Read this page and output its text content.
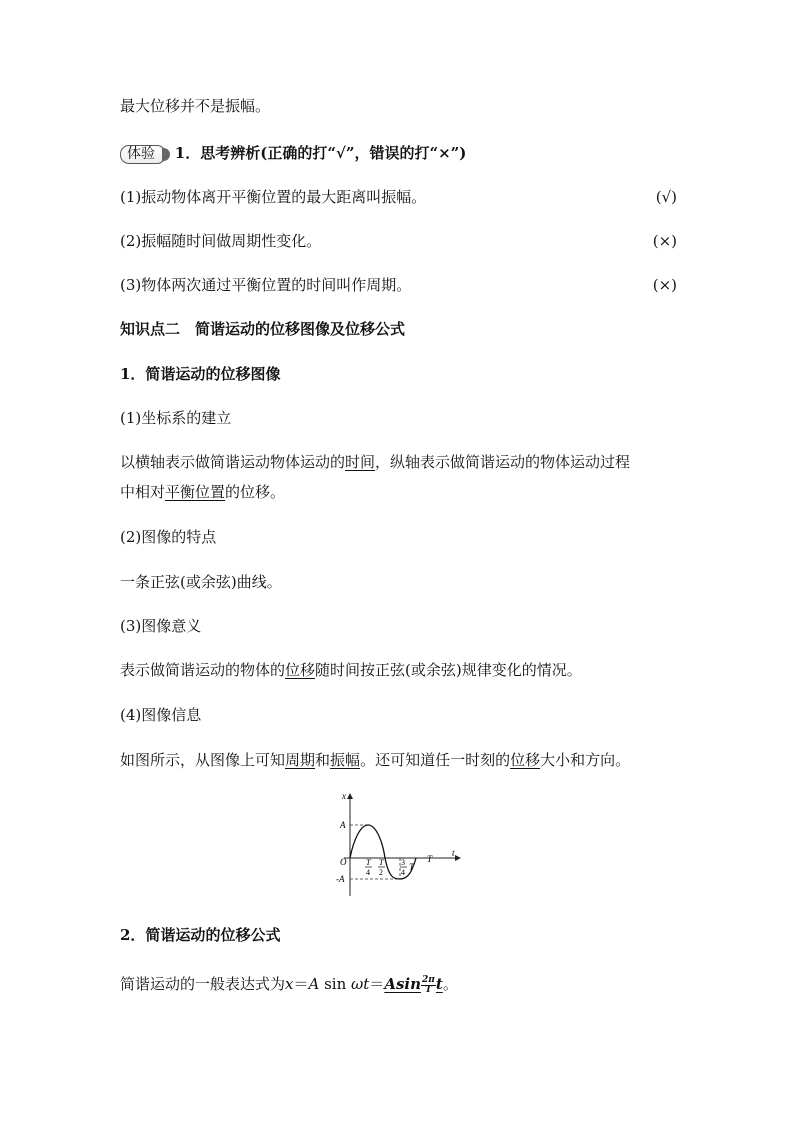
最大位移并不是振幅。
体验 1．思考辨析(正确的打“√”，错误的打“×”)
(1)振动物体离开平衡位置的最大距离叫振幅。	(√)
(2)振幅随时间做周期性变化。	(×)
(3)物体两次通过平衡位置的时间叫作周期。	(×)
知识点二　简谐运动的位移图像及位移公式
1．简谐运动的位移图像
(1)坐标系的建立
以横轴表示做简谐运动物体运动的时间，纵轴表示做简谐运动的物体运动过程
中相对平衡位置的位移。
(2)图像的特点
一条正弦(或余弦)曲线。
(3)图像意义
表示做简谐运动的物体的位移随时间按正弦(或余弦)规律变化的情况。
(4)图像信息
如图所示，从图像上可知周期和振幅。还可知道任一时刻的位移大小和方向。
x
t
A
-A
O T
4
T
2
3
4
T
T
2．简谐运动的位移公式
简谐运动的一般表达式为x＝A $\sin \omega t=Asin \frac{2\pi}{T}$ t。
